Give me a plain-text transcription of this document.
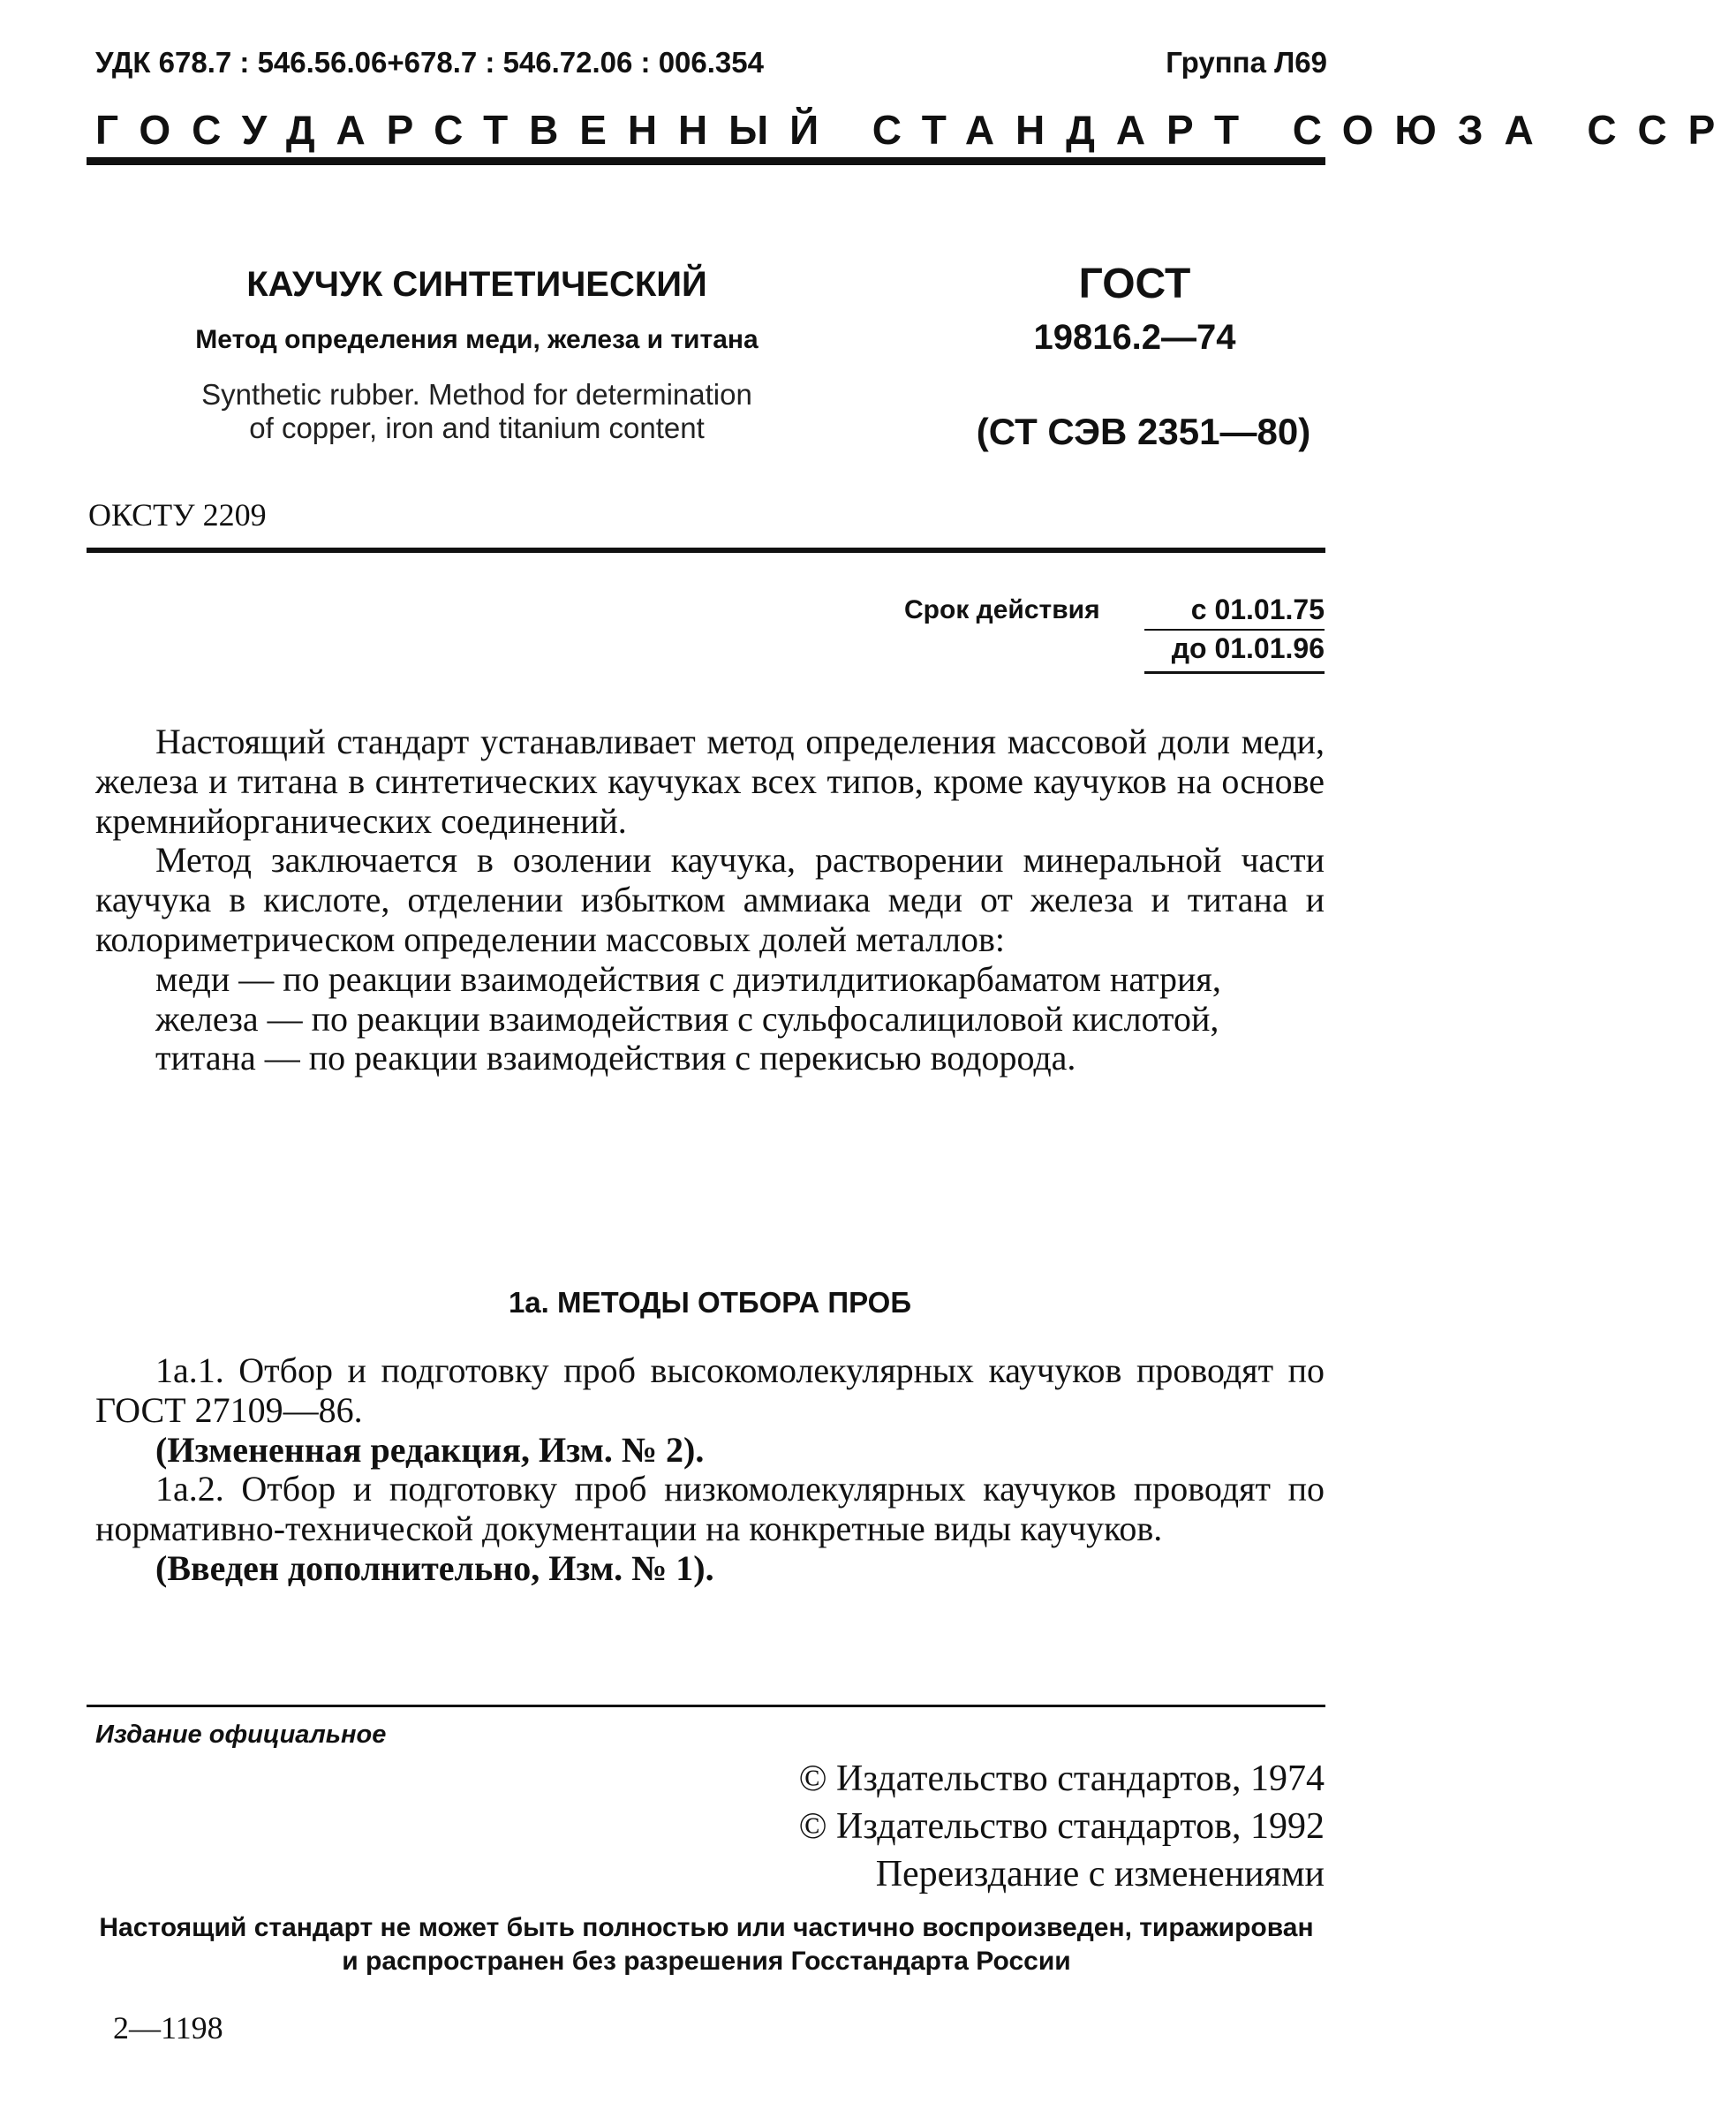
УДК 678.7 : 546.56.06+678.7 : 546.72.06 : 006.354	Группа Л69
ГОСУДАРСТВЕННЫЙ СТАНДАРТ СОЮЗА ССР
КАУЧУК СИНТЕТИЧЕСКИЙ
Метод определения меди, железа и титана
Synthetic rubber. Method for determination
of copper, iron and titanium content
ГОСТ
19816.2—74
(СТ СЭВ 2351—80)
ОКСТУ 2209
Срок действия	с 01.01.75
до 01.01.96

Настоящий стандарт устанавливает метод определения массовой доли меди, железа и титана в синтетических каучуках всех типов, кроме каучуков на основе кремнийорганических соединений.

Метод заключается в озолении каучука, растворении минеральной части каучука в кислоте, отделении избытком аммиака меди от железа и титана и колориметрическом определении массовых долей металлов:

меди — по реакции взаимодействия с диэтилдитиокарбаматом натрия,

железа — по реакции взаимодействия с сульфосалициловой кислотой,

титана — по реакции взаимодействия с перекисью водорода.

1а. МЕТОДЫ ОТБОРА ПРОБ

1а.1. Отбор и подготовку проб высокомолекулярных каучуков проводят по ГОСТ 27109—86.

(Измененная редакция, Изм. № 2).

1а.2. Отбор и подготовку проб низкомолекулярных каучуков проводят по нормативно-технической документации на конкретные виды каучуков.

(Введен дополнительно, Изм. № 1).

Издание официальное
© Издательство стандартов, 1974
© Издательство стандартов, 1992
Переиздание с изменениями
Настоящий стандарт не может быть полностью или частично воспроизведен, тиражирован и распространен без разрешения Госстандарта России
2—1198
